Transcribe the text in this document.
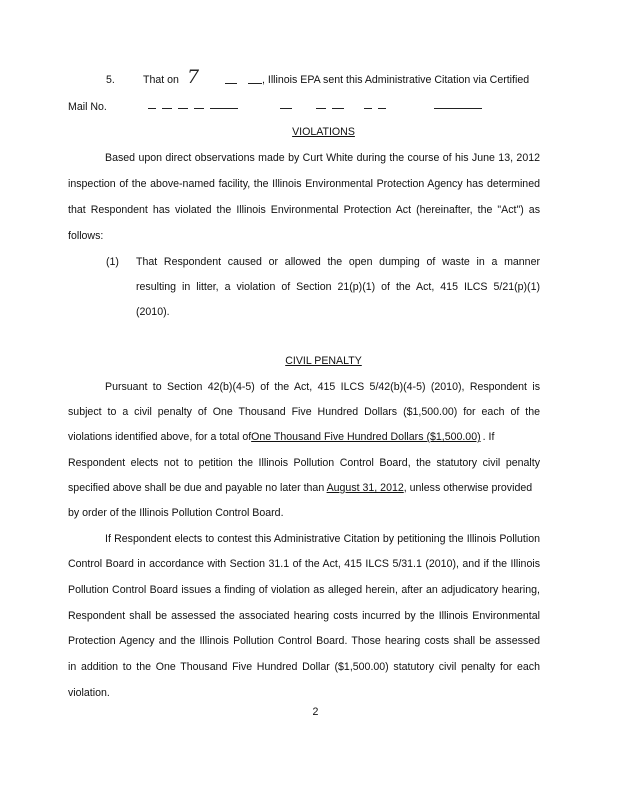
5.	That on 7	, Illinois EPA sent this Administrative Citation via Certified
Mail No.
VIOLATIONS
Based upon direct observations made by Curt White during the course of his June 13, 2012
inspection of the above-named facility, the Illinois Environmental Protection Agency has determined
that Respondent has violated the Illinois Environmental Protection Act (hereinafter, the "Act") as
follows:
(1) That Respondent caused or allowed the open dumping of waste in a manner
resulting in litter, a violation of Section 21(p)(1) of the Act, 415 ILCS 5/21(p)(1)
(2010).
CIVIL PENALTY
Pursuant to Section 42(b)(4-5) of the Act, 415 ILCS 5/42(b)(4-5) (2010), Respondent is
subject to a civil penalty of One Thousand Five Hundred Dollars ($1,500.00) for each of the
violations identified above, for a total ofOne Thousand Five Hundred Dollars ($1,500.00) . If
Respondent elects not to petition the Illinois Pollution Control Board, the statutory civil penalty
specified above shall be due and payable no later than August 31, 2012, unless otherwise provided
by order of the Illinois Pollution Control Board.
If Respondent elects to contest this Administrative Citation by petitioning the Illinois Pollution
Control Board in accordance with Section 31.1 of the Act, 415 ILCS 5/31.1 (2010), and if the Illinois
Pollution Control Board issues a finding of violation as alleged herein, after an adjudicatory hearing,
Respondent shall be assessed the associated hearing costs incurred by the Illinois Environmental
Protection Agency and the Illinois Pollution Control Board. Those hearing costs shall be assessed
in addition to the One Thousand Five Hundred Dollar ($1,500.00) statutory civil penalty for each
violation.
2
